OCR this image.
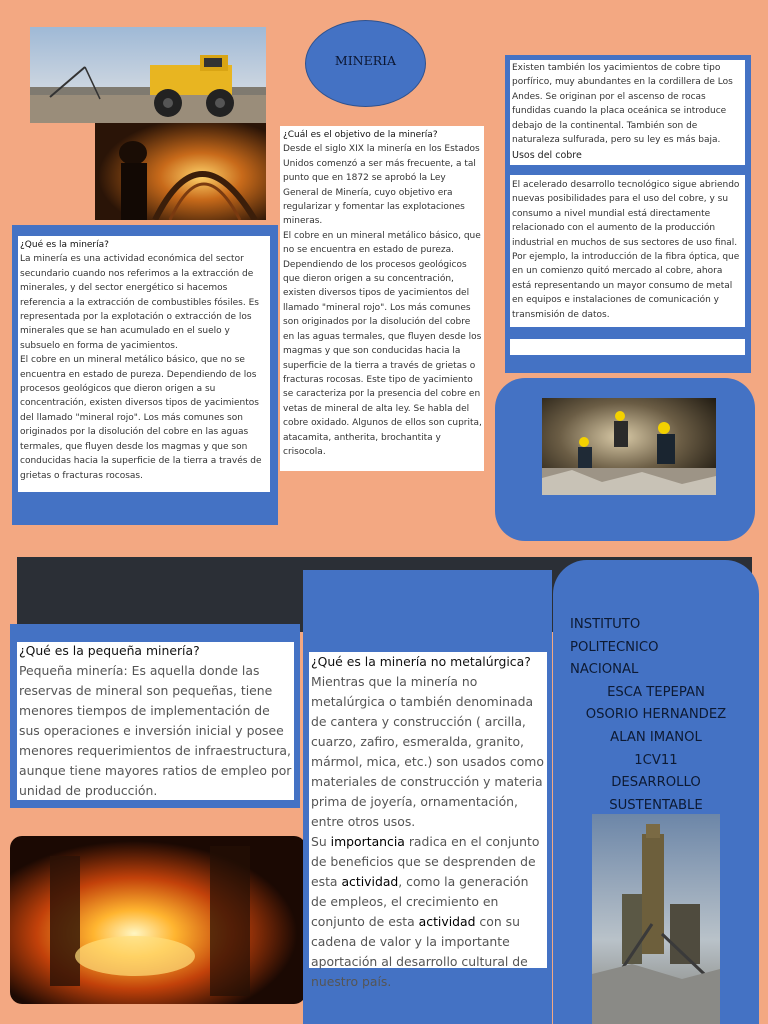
MINERIA
¿Qué es la minería?

La minería es una actividad económica del sector secundario cuando nos referimos a la extracción de minerales, y del sector energético si hacemos referencia a la extracción de combustibles fósiles. Es representada por la explotación o extracción de los minerales que se han acumulado en el suelo y subsuelo en forma de yacimientos.

El cobre en un mineral metálico básico, que no se encuentra en estado de pureza. Dependiendo de los procesos geológicos que dieron origen a su concentración, existen diversos tipos de yacimientos del llamado "mineral rojo". Los más comunes son originados por la disolución del cobre en las aguas termales, que fluyen desde los magmas y que son conducidas hacia la superficie de la tierra a través de grietas o fracturas rocosas.

¿Cuál es el objetivo de la minería?

Desde el siglo XIX la minería en los Estados Unidos comenzó a ser más frecuente, a tal punto que en 1872 se aprobó la Ley General de Minería, cuyo objetivo era regularizar y fomentar las explotaciones mineras.

El cobre en un mineral metálico básico, que no se encuentra en estado de pureza. Dependiendo de los procesos geológicos que dieron origen a su concentración, existen diversos tipos de yacimientos del llamado "mineral rojo". Los más comunes son originados por la disolución del cobre en las aguas termales, que fluyen desde los magmas y que son conducidas hacia la superficie de la tierra a través de grietas o fracturas rocosas. Este tipo de yacimiento se caracteriza por la presencia del cobre en vetas de mineral de alta ley. Se habla del cobre oxidado. Algunos de ellos son cuprita, atacamita, antherita, brochantita y crisocola.

Existen también los yacimientos de cobre tipo porfírico, muy abundantes en la cordillera de Los Andes. Se originan por el ascenso de rocas fundidas cuando la placa oceánica se introduce debajo de la continental. También son de naturaleza sulfurada, pero su ley es más baja.
Usos del cobre
El acelerado desarrollo tecnológico sigue abriendo nuevas posibilidades para el uso del cobre, y su consumo a nivel mundial está directamente relacionado con el aumento de la producción industrial en muchos de sus sectores de uso final. Por ejemplo, la introducción de la fibra óptica, que en un comienzo quitó mercado al cobre, ahora está representando un mayor consumo de metal en equipos e instalaciones de comunicación y transmisión de datos.
¿Qué es la pequeña minería?

Pequeña minería: Es aquella donde las reservas de mineral son pequeñas, tiene menores tiempos de implementación de sus operaciones e inversión inicial y posee menores requerimientos de infraestructura, aunque tiene mayores ratios de empleo por unidad de producción.

¿Qué es la minería no metalúrgica?

Mientras que la minería no metalúrgica o también denominada de cantera y construcción ( arcilla, cuarzo, zafiro, esmeralda, granito, mármol, mica, etc.) son usados como materiales de construcción y materia prima de joyería, ornamentación, entre otros usos.

Su importancia radica en el conjunto de beneficios que se desprenden de esta actividad, como la generación de empleos, el crecimiento en conjunto de esta actividad con su cadena de valor y la importante aportación al desarrollo cultural de nuestro país.

INSTITUTO
POLITECNICO
NACIONAL
ESCA TEPEPAN
OSORIO HERNANDEZ
ALAN IMANOL
1CV11
DESARROLLO
SUSTENTABLE
